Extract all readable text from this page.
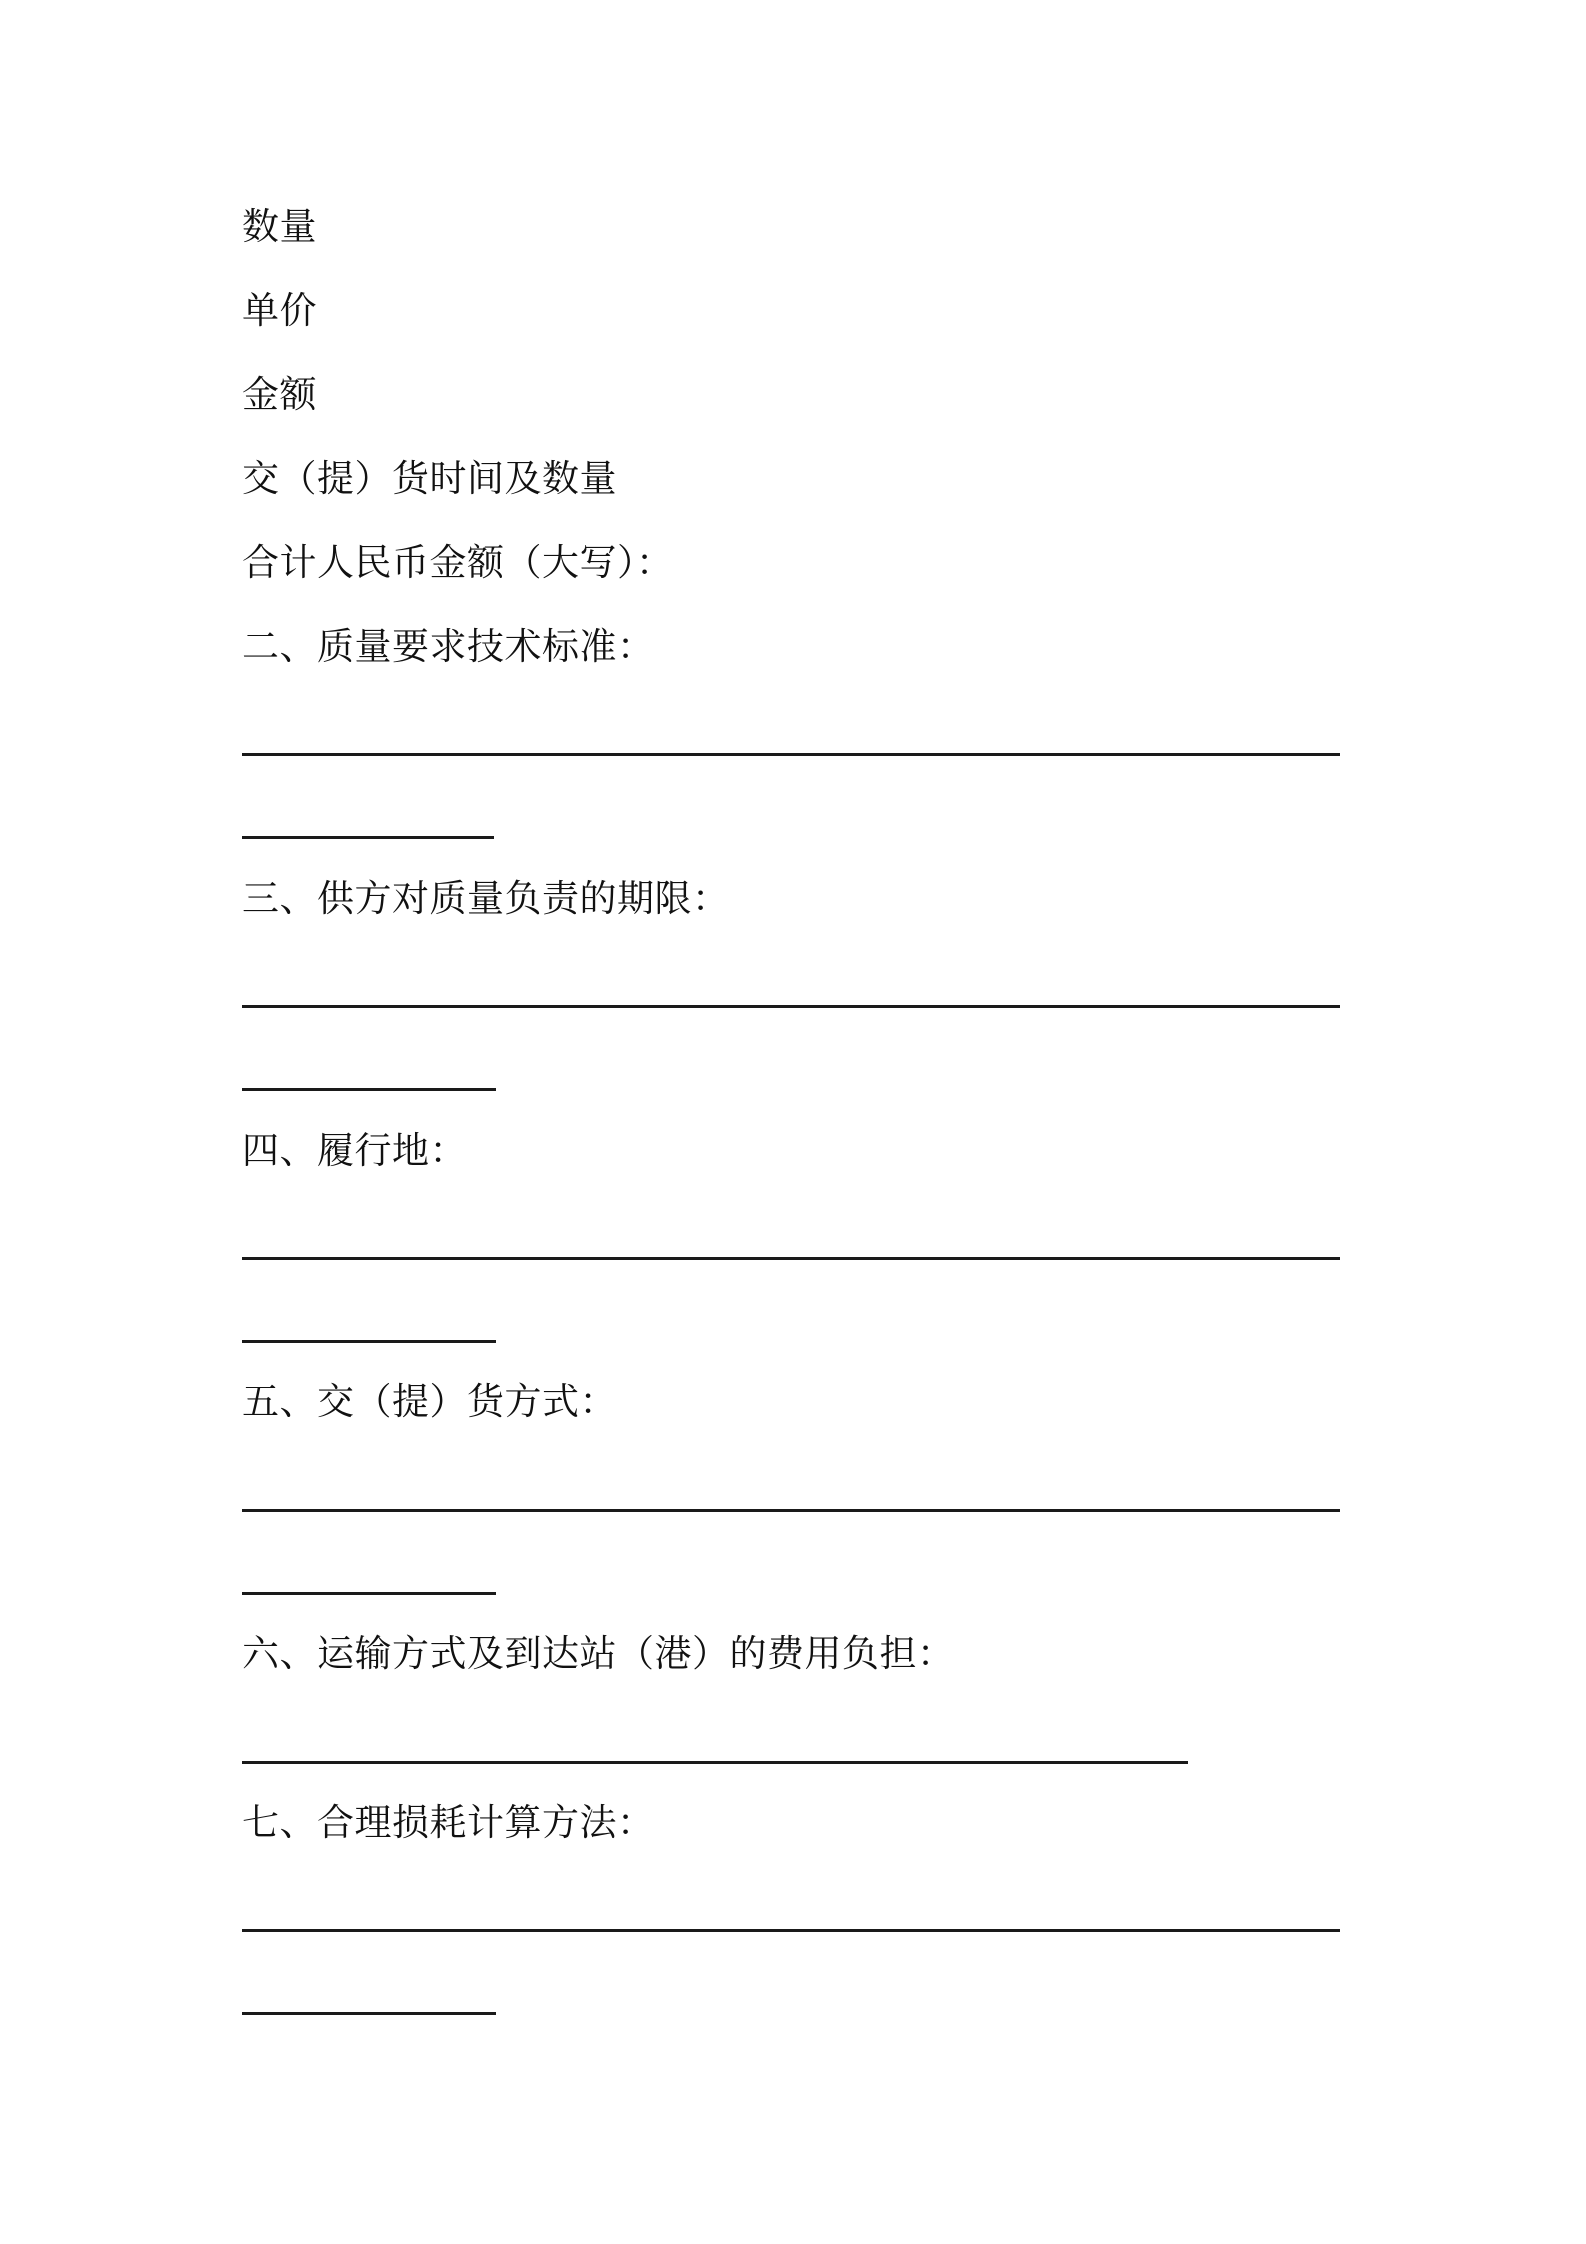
数量
单价
金额
交（提）货时间及数量
合计人民币金额（大写）：
二、质量要求技术标准：
三、供方对质量负责的期限：
四、履行地：
五、交（提）货方式：
六、运输方式及到达站（港）的费用负担：
七、合理损耗计算方法：
